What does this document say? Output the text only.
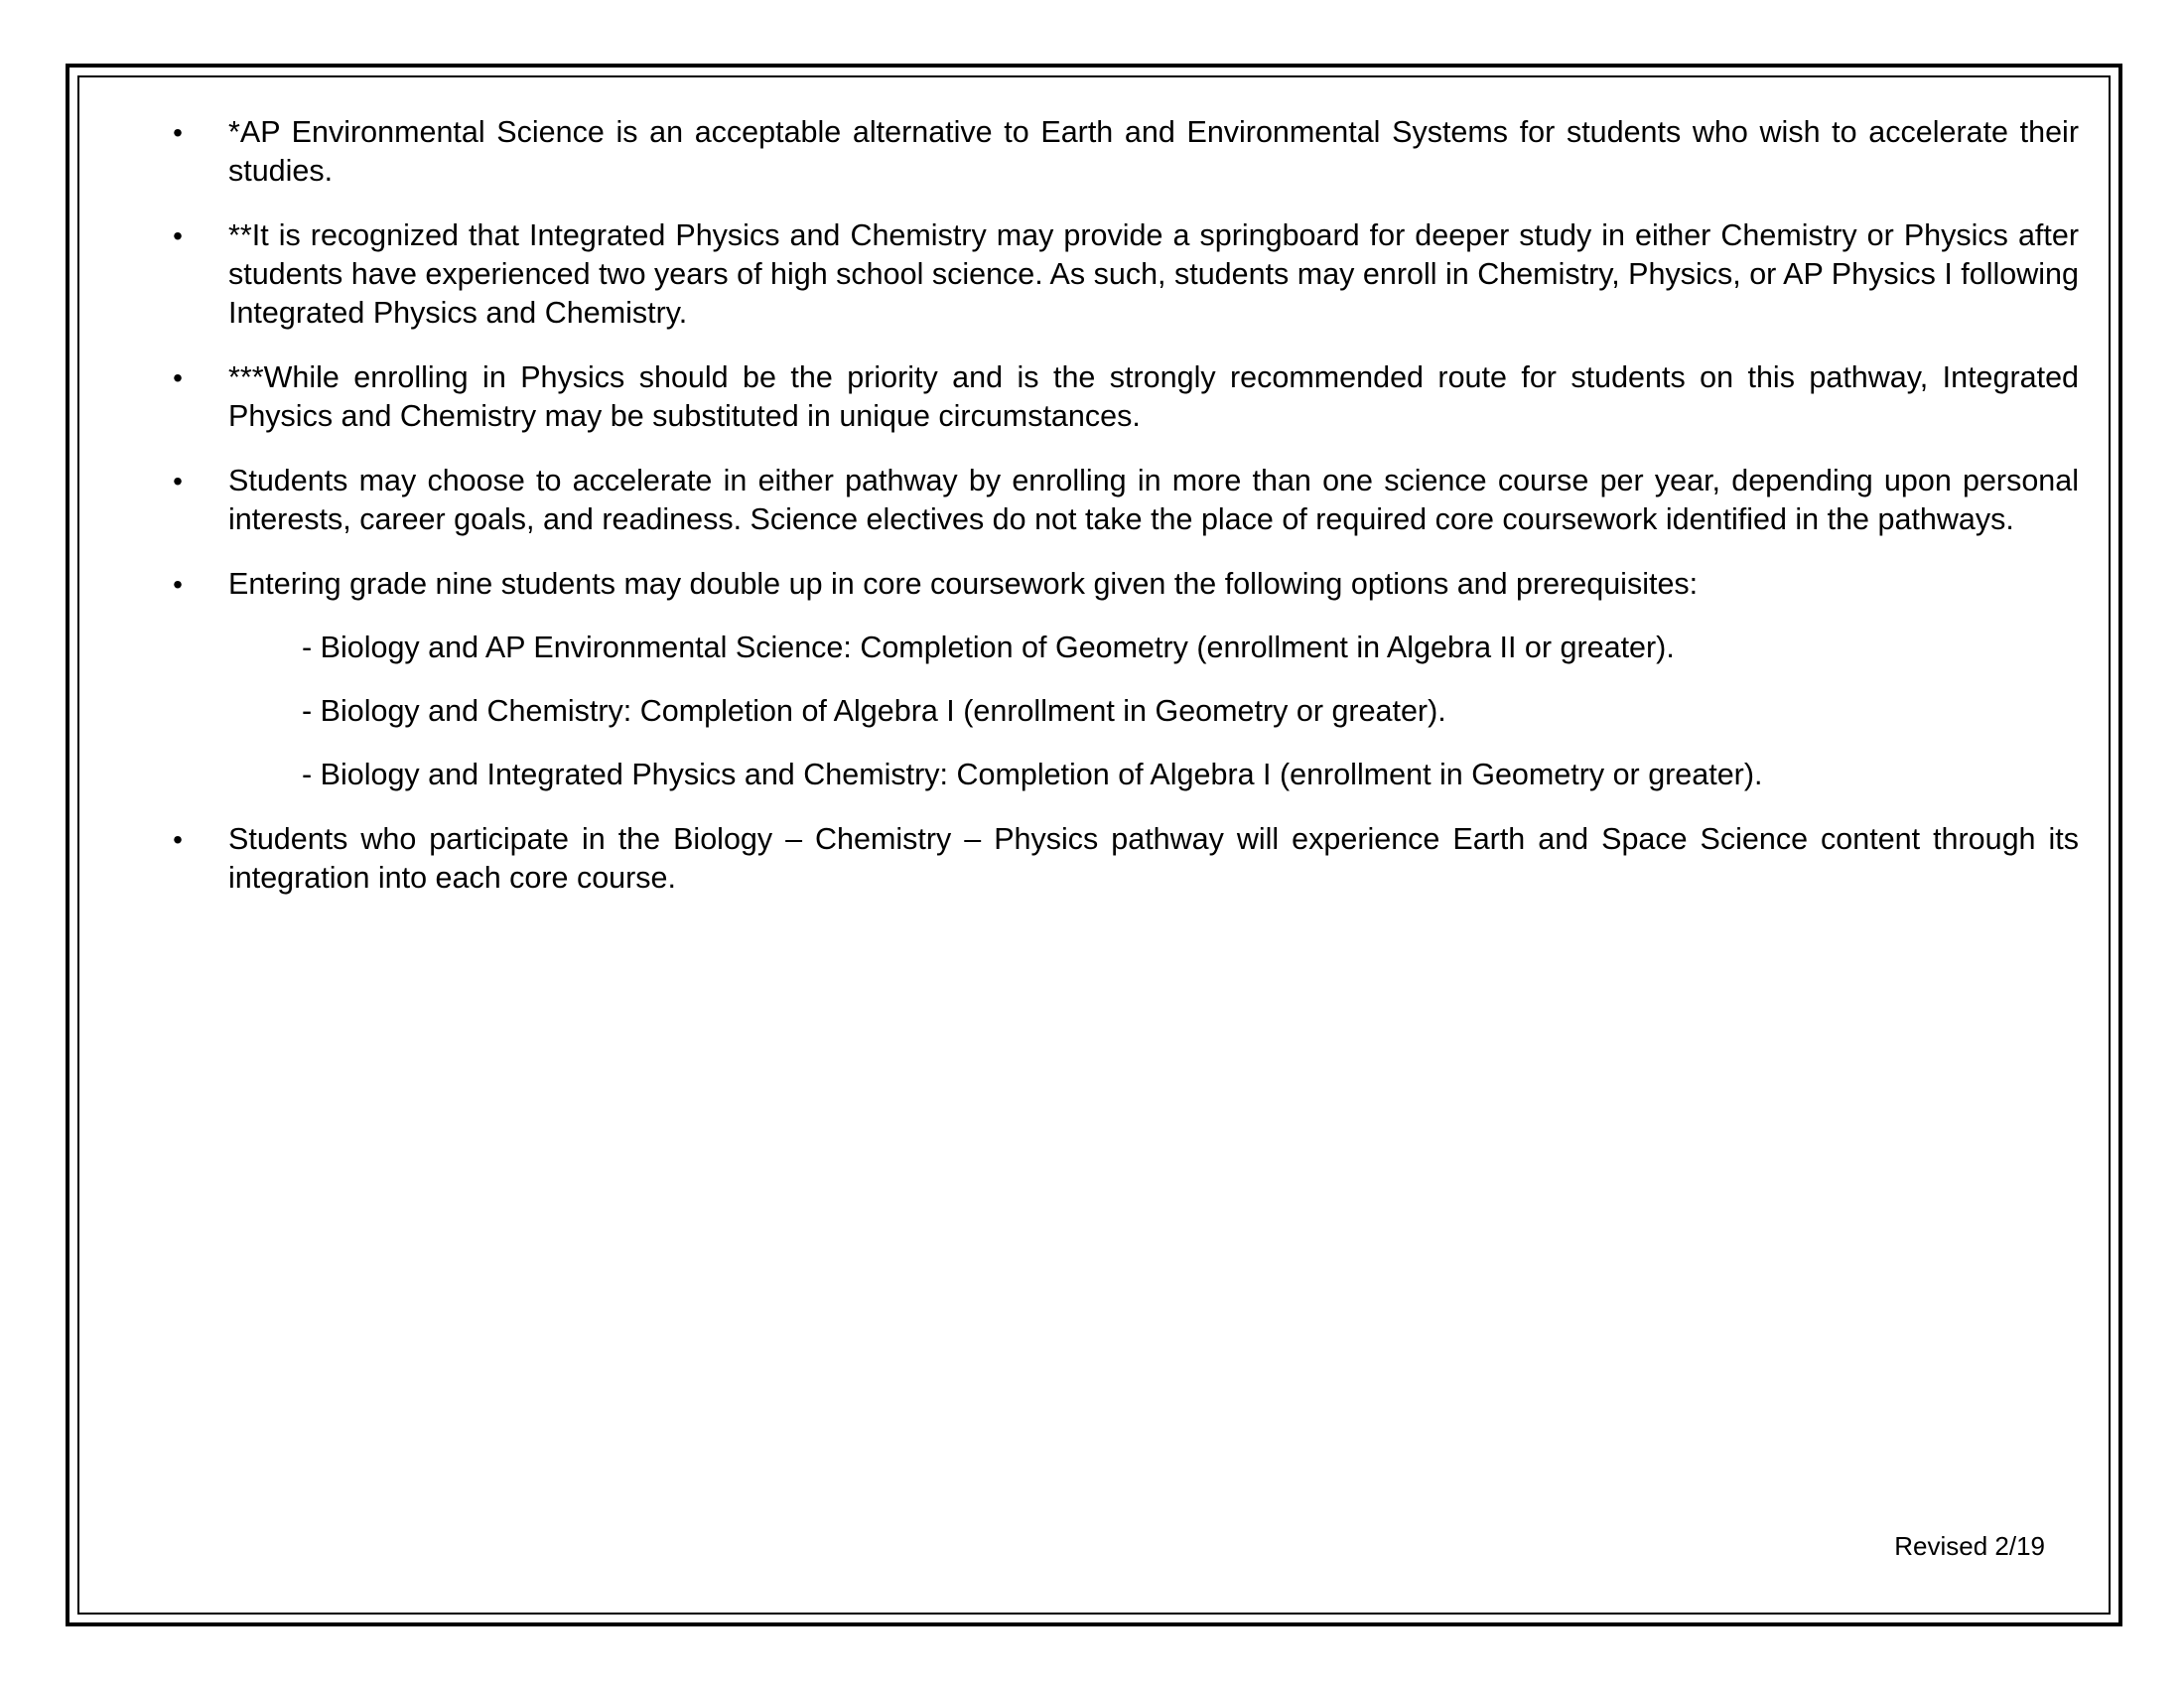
•	*AP Environmental Science is an acceptable alternative to Earth and Environmental Systems for students who wish to accelerate their studies.
•	**It is recognized that Integrated Physics and Chemistry may provide a springboard for deeper study in either Chemistry or Physics after students have experienced two years of high school science. As such, students may enroll in Chemistry, Physics, or AP Physics I following Integrated Physics and Chemistry.
•	***While enrolling in Physics should be the priority and is the strongly recommended route for students on this pathway, Integrated Physics and Chemistry may be substituted in unique circumstances.
•	Students may choose to accelerate in either pathway by enrolling in more than one science course per year, depending upon personal interests, career goals, and readiness. Science electives do not take the place of required core coursework identified in the pathways.
•	Entering grade nine students may double up in core coursework given the following options and prerequisites:
- Biology and AP Environmental Science: Completion of Geometry (enrollment in Algebra II or greater).
- Biology and Chemistry: Completion of Algebra I (enrollment in Geometry or greater).
- Biology and Integrated Physics and Chemistry: Completion of Algebra I (enrollment in Geometry or greater).
•	Students who participate in the Biology – Chemistry – Physics pathway will experience Earth and Space Science content through its integration into each core course.
Revised 2/19
